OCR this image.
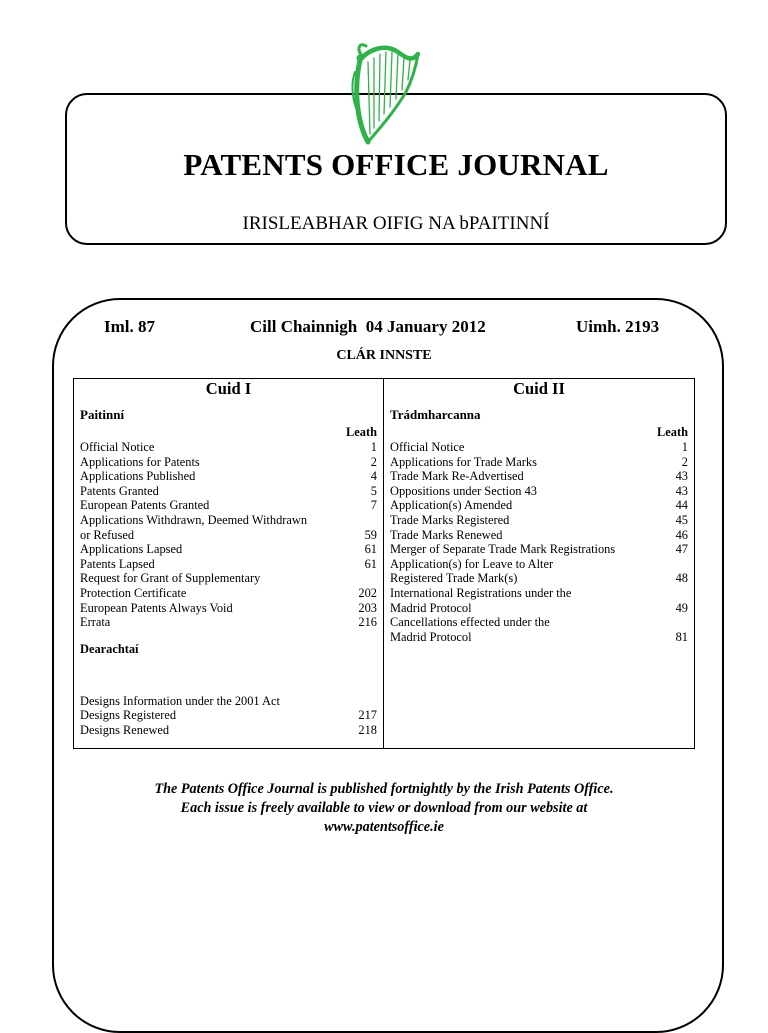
PATENTS OFFICE JOURNAL
IRISLEABHAR OIFIG NA bPAITINNÍ
Iml. 87	Cill Chainnigh  04 January 2012	Uimh. 2193
CLÁR INNSTE
Cuid I
Paitinní
Leath
Official Notice	1
Applications for Patents	2
Applications Published	4
Patents Granted	5
European Patents Granted	7
Applications Withdrawn, Deemed Withdrawn or Refused	59
Applications Lapsed	61
Patents Lapsed	61
Request for Grant of Supplementary Protection Certificate	202
European Patents Always Void	203
Errata	216
Dearachtaí
Designs Information under the 2001 Act
Designs Registered	217
Designs Renewed	218
Cuid II
Trádmharcanna
Leath
Official Notice	1
Applications for Trade Marks	2
Trade Mark Re-Advertised	43
Oppositions under Section 43	43
Application(s) Amended	44
Trade Marks Registered	45
Trade Marks Renewed	46
Merger of Separate Trade Mark Registrations	47
Application(s) for Leave to Alter Registered Trade Mark(s)	48
International Registrations under the Madrid Protocol	49
Cancellations effected under the Madrid Protocol	81
The Patents Office Journal is published fortnightly by the Irish Patents Office.
Each issue is freely available to view or download from our website at
www.patentsoffice.ie
